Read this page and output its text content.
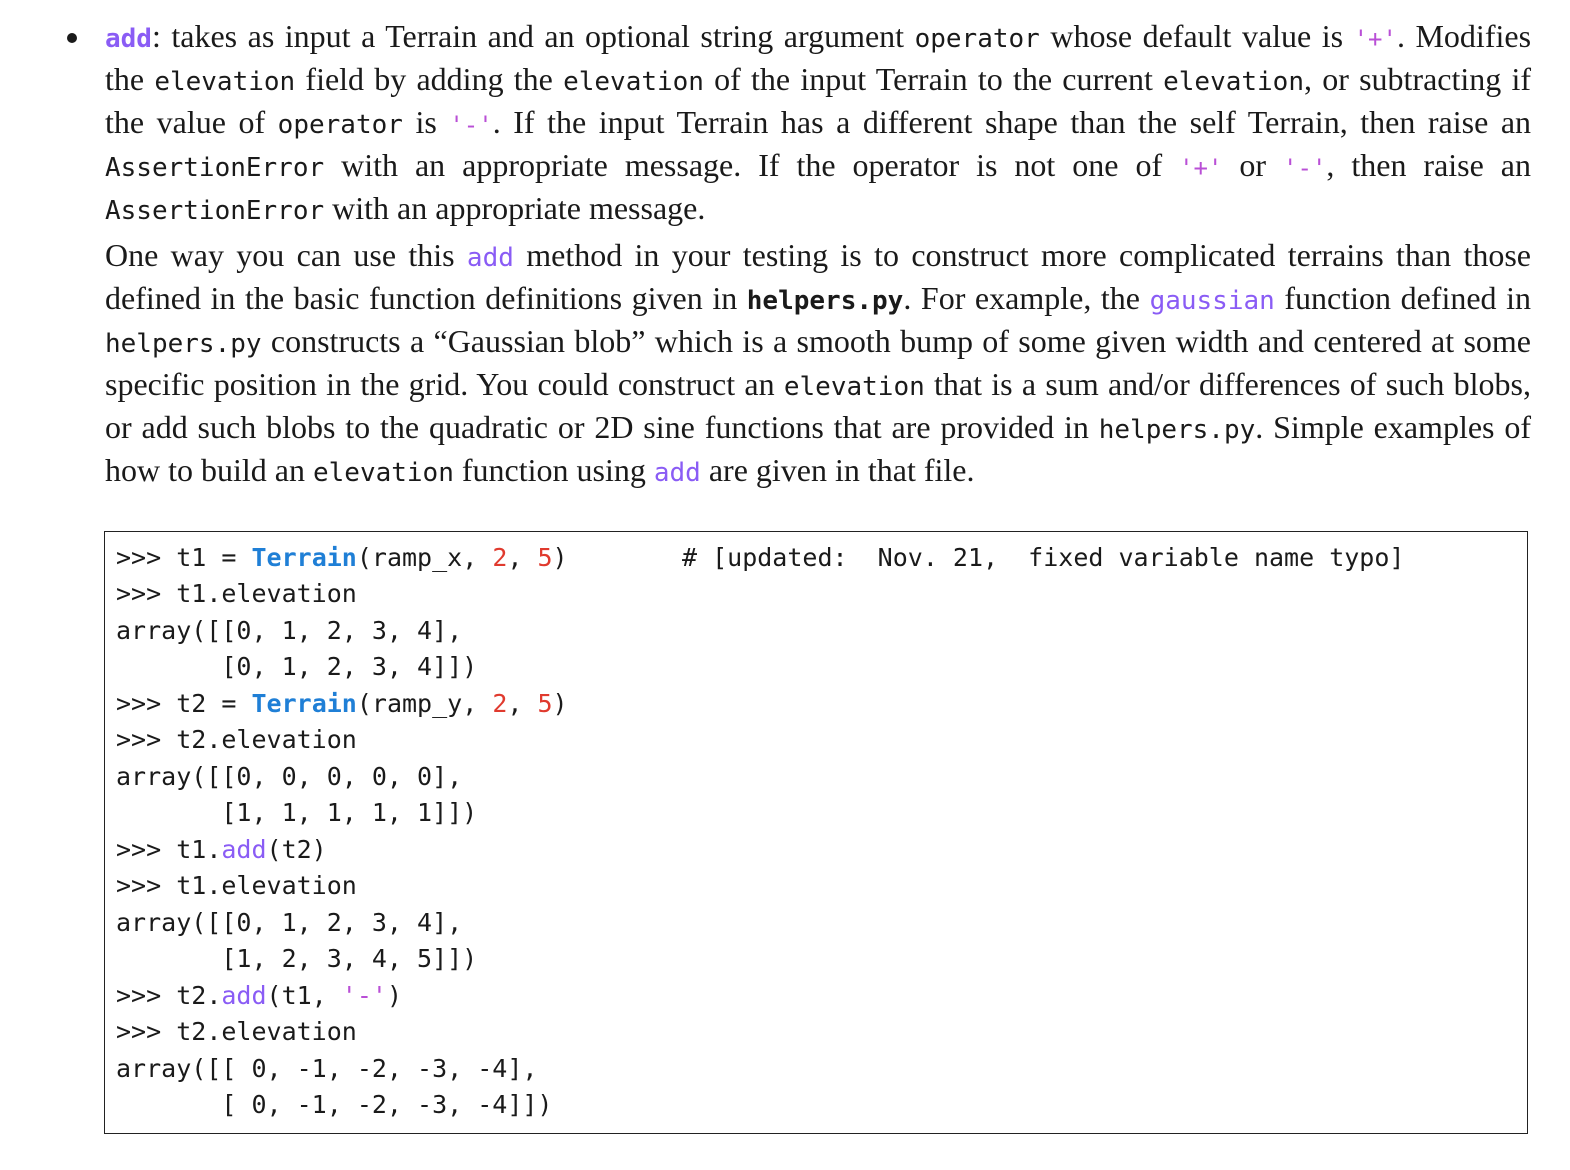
add: takes as input a Terrain and an optional string argument operator whose default value is '+'. Modifies the elevation field by adding the elevation of the input Terrain to the current elevation, or subtracting if the value of operator is '-'. If the input Terrain has a different shape than the self Terrain, then raise an AssertionError with an appropriate message. If the operator is not one of '+' or '-', then raise an AssertionError with an appropriate message.

One way you can use this add method in your testing is to construct more complicated terrains than those defined in the basic function definitions given in helpers.py. For example, the gaussian function defined in helpers.py constructs a “Gaussian blob” which is a smooth bump of some given width and centered at some specific position in the grid. You could construct an elevation that is a sum and/or differences of such blobs, or add such blobs to the quadratic or 2D sine functions that are provided in helpers.py. Simple examples of how to build an elevation function using add are given in that file.

>>> t1 = Terrain(ramp_x, 2, 5)	# [updated:  Nov. 21,  fixed variable name typo]
>>> t1.elevation
array([[0, 1, 2, 3, 4],
[0, 1, 2, 3, 4]])
>>> t2 = Terrain(ramp_y, 2, 5)
>>> t2.elevation
array([[0, 0, 0, 0, 0],
[1, 1, 1, 1, 1]])
>>> t1.add(t2)
>>> t1.elevation
array([[0, 1, 2, 3, 4],
[1, 2, 3, 4, 5]])
>>> t2.add(t1, '-')
>>> t2.elevation
array([[ 0, -1, -2, -3, -4],
[ 0, -1, -2, -3, -4]])
